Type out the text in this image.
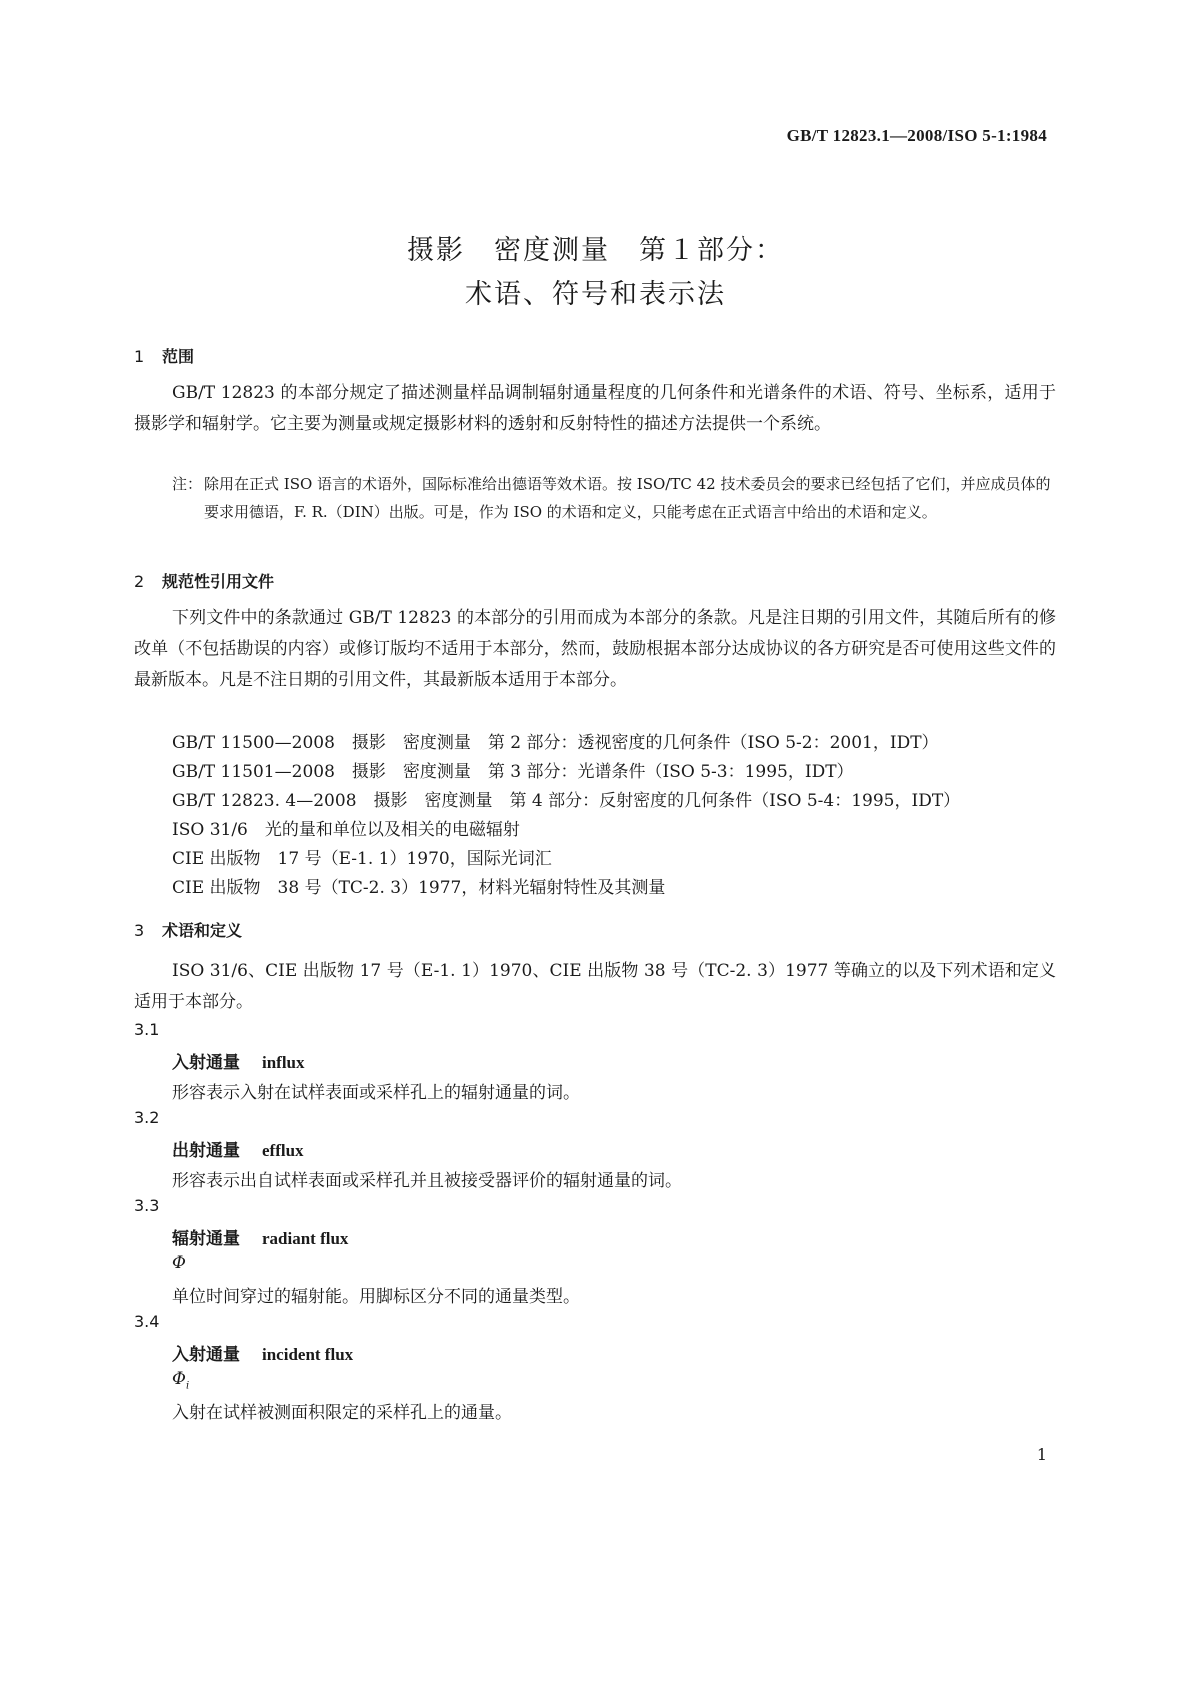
GB/T 12823.1—2008/ISO 5-1:1984
摄影　密度测量　第１部分：
术语、符号和表示法
1 范围
GB/T 12823 的本部分规定了描述测量样品调制辐射通量程度的几何条件和光谱条件的术语、符号、坐标系，适用于摄影学和辐射学。它主要为测量或规定摄影材料的透射和反射特性的描述方法提供一个系统。
注： 除用在正式 ISO 语言的术语外，国际标准给出德语等效术语。按 ISO/TC 42 技术委员会的要求已经包括了它们，并应成员体的要求用德语，F. R.（DIN）出版。可是，作为 ISO 的术语和定义，只能考虑在正式语言中给出的术语和定义。
2 规范性引用文件
下列文件中的条款通过 GB/T 12823 的本部分的引用而成为本部分的条款。凡是注日期的引用文件，其随后所有的修改单（不包括勘误的内容）或修订版均不适用于本部分，然而，鼓励根据本部分达成协议的各方研究是否可使用这些文件的最新版本。凡是不注日期的引用文件，其最新版本适用于本部分。
GB/T 11500—2008　摄影　密度测量　第 2 部分：透视密度的几何条件（ISO 5-2：2001，IDT）
GB/T 11501—2008　摄影　密度测量　第 3 部分：光谱条件（ISO 5-3：1995，IDT）
GB/T 12823. 4—2008　摄影　密度测量　第 4 部分：反射密度的几何条件（ISO 5-4：1995，IDT）
ISO 31/6　光的量和单位以及相关的电磁辐射
CIE 出版物　17 号（E-1. 1）1970，国际光词汇
CIE 出版物　38 号（TC-2. 3）1977，材料光辐射特性及其测量
3 术语和定义
ISO 31/6、CIE 出版物 17 号（E-1. 1）1970、CIE 出版物 38 号（TC-2. 3）1977 等确立的以及下列术语和定义适用于本部分。
3.1
入射通量 influx
形容表示入射在试样表面或采样孔上的辐射通量的词。
3.2
出射通量 efflux
形容表示出自试样表面或采样孔并且被接受器评价的辐射通量的词。
3.3
辐射通量 radiant flux
Φ
单位时间穿过的辐射能。用脚标区分不同的通量类型。
3.4
入射通量 incident flux
$\Phi_i$
入射在试样被测面积限定的采样孔上的通量。
1
